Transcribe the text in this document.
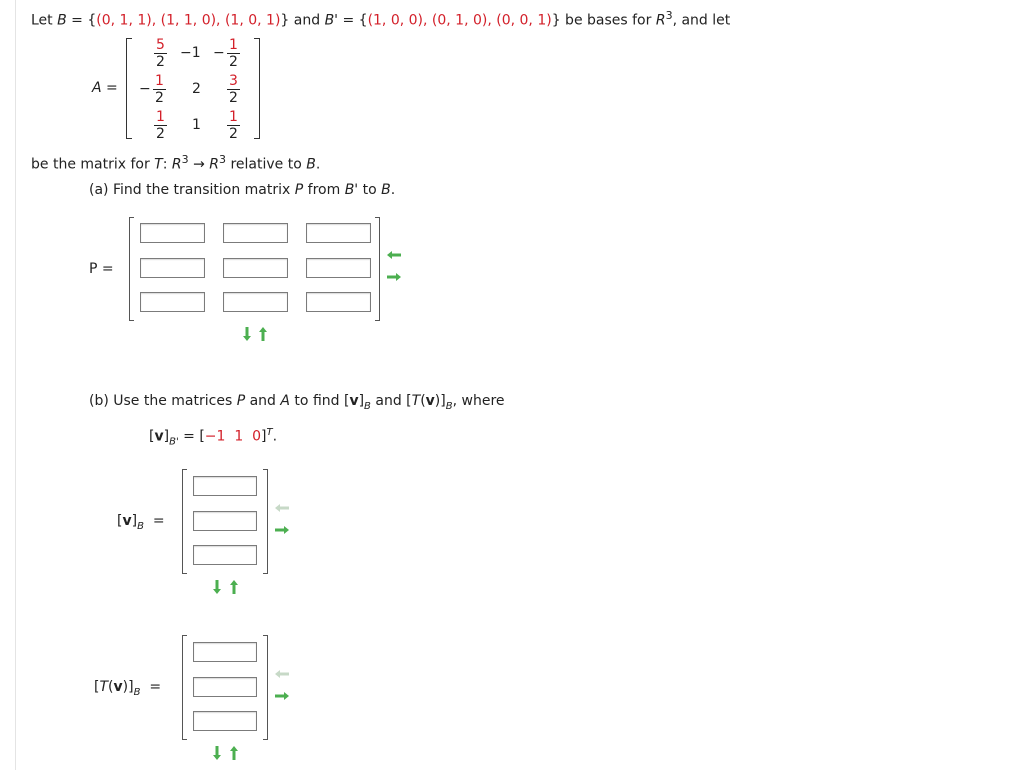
Let B = {(0, 1, 1), (1, 1, 0), (1, 0, 1)} and B' = {(1, 0, 0), (0, 1, 0), (0, 0, 1)} be bases for $R^3$, and let
A =
$\frac{5}{2} -1 - \frac{1}{2}$
− $\frac{1}{2} 2 \frac{3}{2}$
$\frac{1}{2} 1 \frac{1}{2}$
be the matrix for T: $R^3 \to R^3$ relative to B.
(a) Find the transition matrix P from B' to B.
P =
(b) Use the matrices P and A to find $[v]_B$ and $[T(v)]_B$, where
$[v]_{B'} = [-1$  1  0]$^T$.
$[v]_B$  =
$[T(v)]_B$  =
